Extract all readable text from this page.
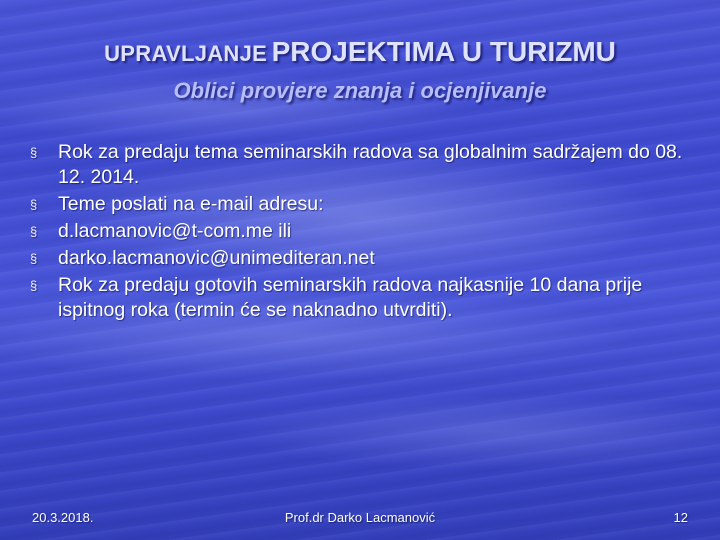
UPRAVLJANJE PROJEKTIMA U TURIZMU
Oblici provjere znanja i ocjenjivanje
§ Rok za predaju tema seminarskih radova sa globalnim sadržajem do 08. 12. 2014.
§ Teme poslati na e-mail adresu:
§ d.lacmanovic@t-com.me ili
§ darko.lacmanovic@unimediteran.net
§ Rok za predaju gotovih seminarskih radova najkasnije 10 dana prije ispitnog roka (termin će se naknadno utvrditi).
20.3.2018.	Prof.dr Darko Lacmanović	12
